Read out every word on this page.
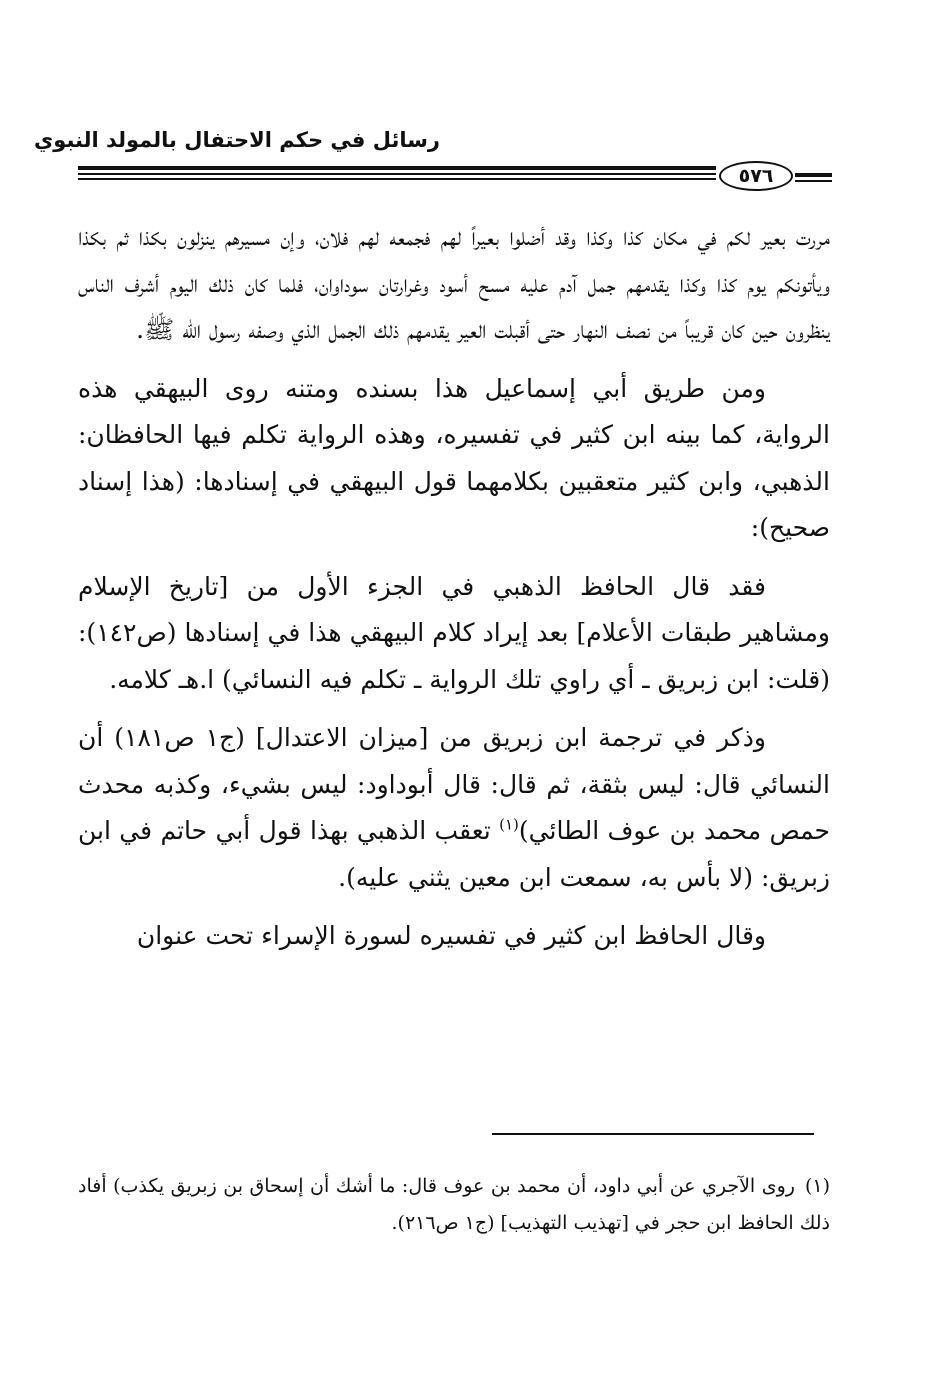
رسائل في حكم الاحتفال بالمولد النبوي
٥٧٦

مررت بعير لكم في مكان كذا وكذا وقد أضلوا بعيراً لهم فجمعه لهم فلان، وإن مسيرهم ينزلون بكذا ثم بكذا ويأتونكم يوم كذا وكذا يقدمهم جمل آدم عليه مسح أسود وغرارتان سوداوان، فلما كان ذلك اليوم أشرف الناس ينظرون حين كان قريباً من نصف النهار حتى أقبلت العير يقدمهم ذلك الجمل الذي وصفه رسول الله ﷺ.

ومن طريق أبي إسماعيل هذا بسنده ومتنه روى البيهقي هذه الرواية، كما بينه ابن كثير في تفسيره، وهذه الرواية تكلم فيها الحافظان: الذهبي، وابن كثير متعقبين بكلامهما قول البيهقي في إسنادها: (هذا إسناد صحيح):

فقد قال الحافظ الذهبي في الجزء الأول من [تاريخ الإسلام ومشاهير طبقات الأعلام] بعد إيراد كلام البيهقي هذا في إسنادها (ص١٤٢): (قلت: ابن زبريق ـ أي راوي تلك الرواية ـ تكلم فيه النسائي) ا.هـ كلامه.

وذكر في ترجمة ابن زبريق من [ميزان الاعتدال] (ج١ ص١٨١) أن النسائي قال: ليس بثقة، ثم قال: قال أبوداود: ليس بشيء، وكذبه محدث حمص محمد بن عوف الطائي)$^{(١)}$ تعقب الذهبي بهذا قول أبي حاتم في ابن زبريق: (لا بأس به، سمعت ابن معين يثني عليه).

وقال الحافظ ابن كثير في تفسيره لسورة الإسراء تحت عنوان

(١)روى الآجري عن أبي داود، أن محمد بن عوف قال: ما أشك أن إسحاق بن زبريق يكذب) أفاد ذلك الحافظ ابن حجر في [تهذيب التهذيب] (ج١ ص٢١٦).
